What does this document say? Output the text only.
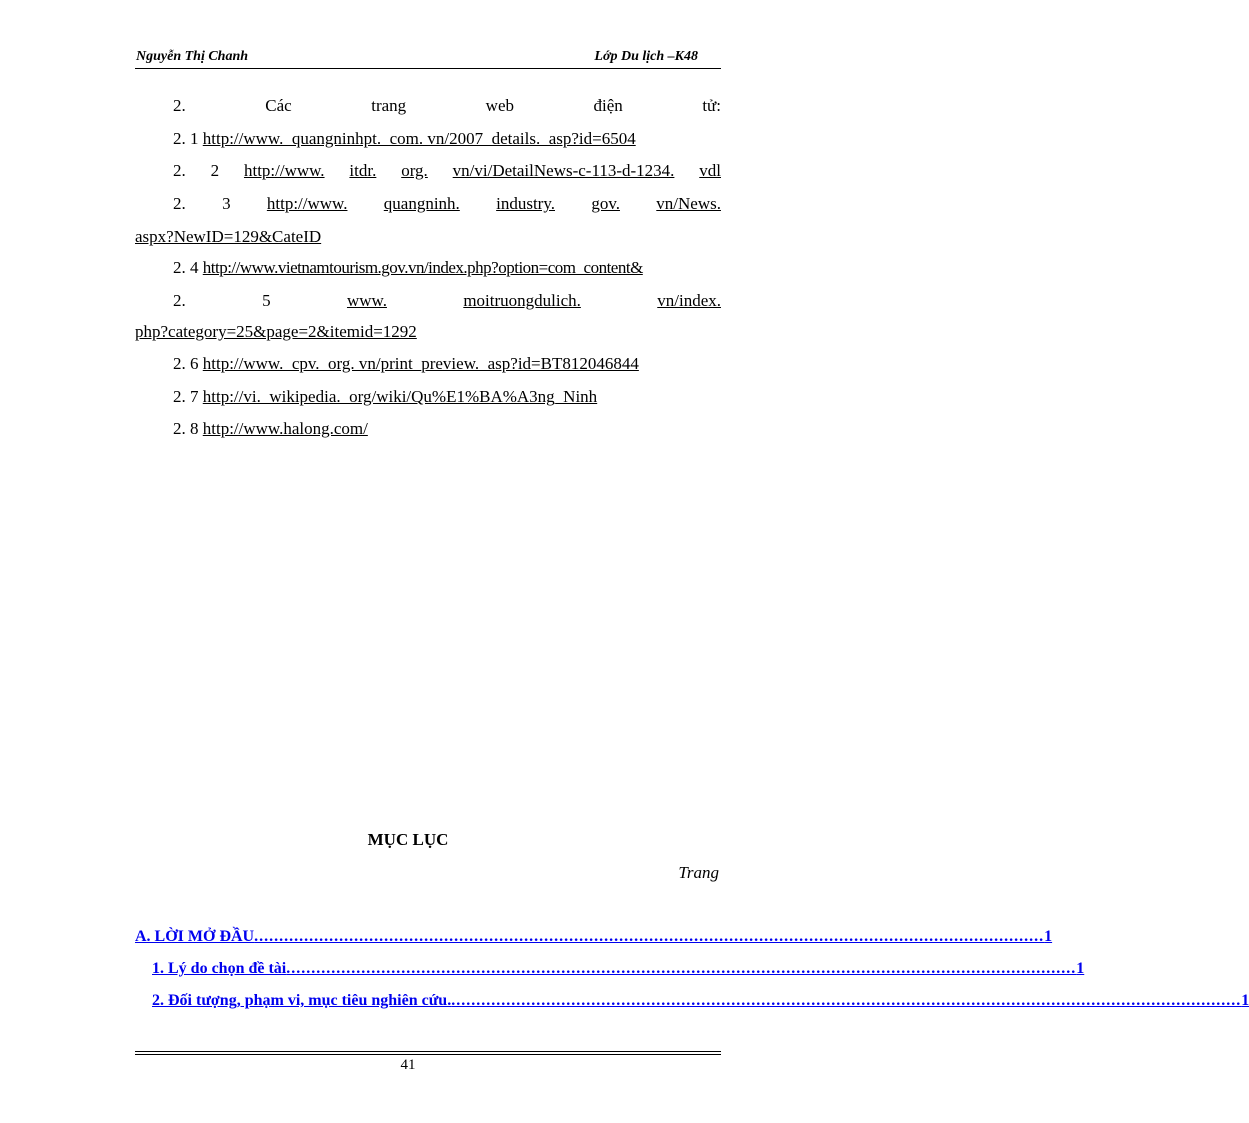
Nguyễn Thị Chanh	Lớp Du lịch –K48
2.	Các	trang	web	điện	tử:
2. 1 http://www.  quangninhpt.  com. vn/2007_details.  asp?id=6504
2. 2 http://www. itdr. org. vn/vi/DetailNews-c-113-d-1234. vdl
2. 3 http://www. quangninh. industry. gov. vn/News.
aspx?NewID=129&CateID
2. 4 http://www.vietnamtourism.gov.vn/index.php?option=com_content&
2.	5	www.	moitruongdulich.	vn/index.
php?category=25&page=2&itemid=1292
2. 6 http://www.  cpv.  org. vn/print_preview.  asp?id=BT812046844
2. 7 http://vi.  wikipedia.  org/wiki/Qu%E1%BA%A3ng_Ninh
2. 8 http://www.halong.com/
MỤC LỤC
Trang
A. LỜI MỞ ĐẦU .............................................................................................................................................................. 1
1. Lý do chọn đề tài .............................................................................................................................................................. 1
2. Đối tượng, phạm vi, mục tiêu nghiên cứu. .............................................................................................................................................................. 1
41
